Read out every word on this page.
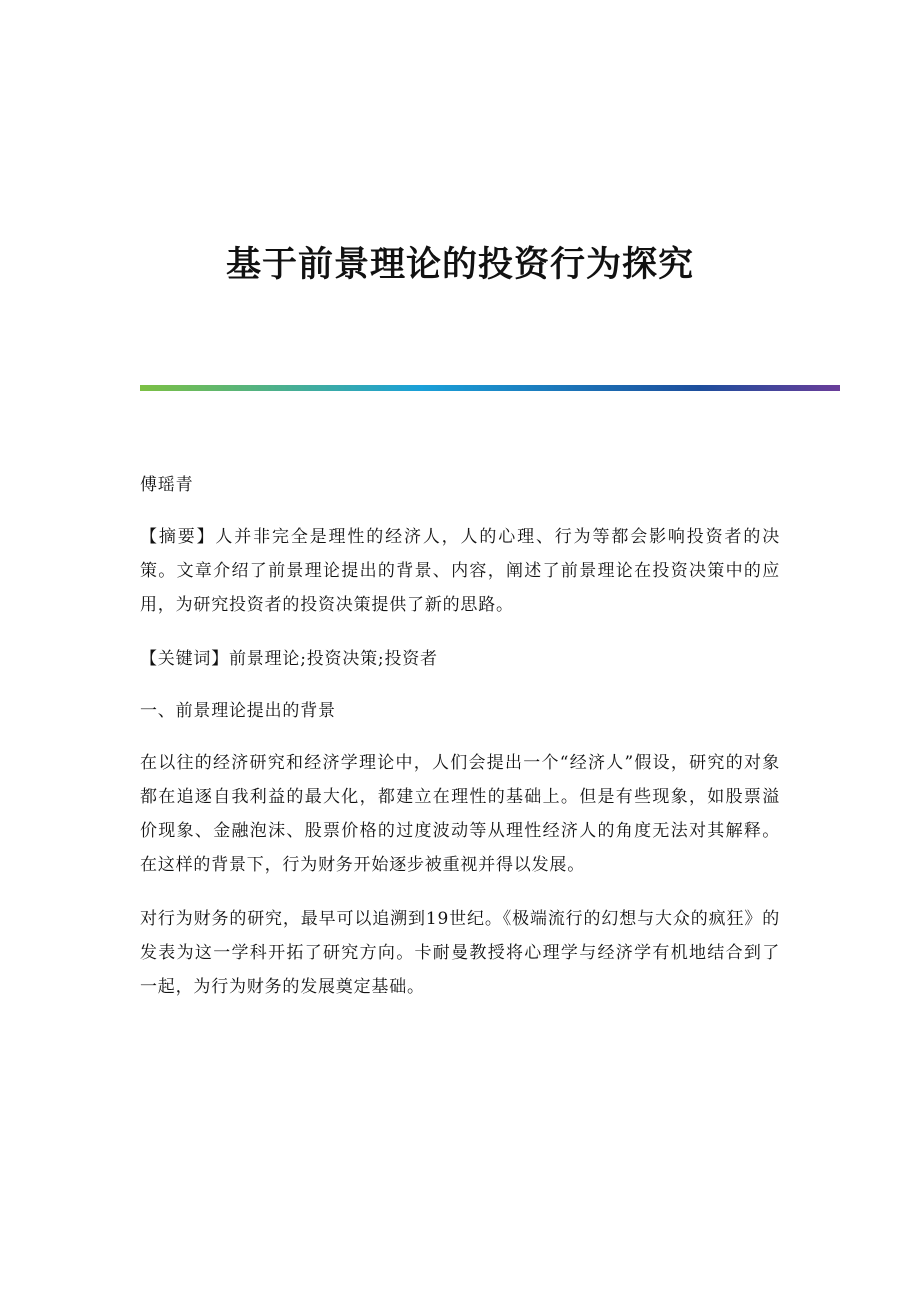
基于前景理论的投资行为探究

傅瑶青

【摘要】人并非完全是理性的经济人，人的心理、行为等都会影响投资者的决策。文章介绍了前景理论提出的背景、内容，阐述了前景理论在投资决策中的应用，为研究投资者的投资决策提供了新的思路。

【关键词】前景理论;投资决策;投资者

一、前景理论提出的背景

在以往的经济研究和经济学理论中，人们会提出一个“经济人”假设，研究的对象都在追逐自我利益的最大化，都建立在理性的基础上。但是有些现象，如股票溢价现象、金融泡沫、股票价格的过度波动等从理性经济人的角度无法对其解释。在这样的背景下，行为财务开始逐步被重视并得以发展。

对行为财务的研究，最早可以追溯到19世纪。《极端流行的幻想与大众的疯狂》的发表为这一学科开拓了研究方向。卡耐曼教授将心理学与经济学有机地结合到了一起，为行为财务的发展奠定基础。
